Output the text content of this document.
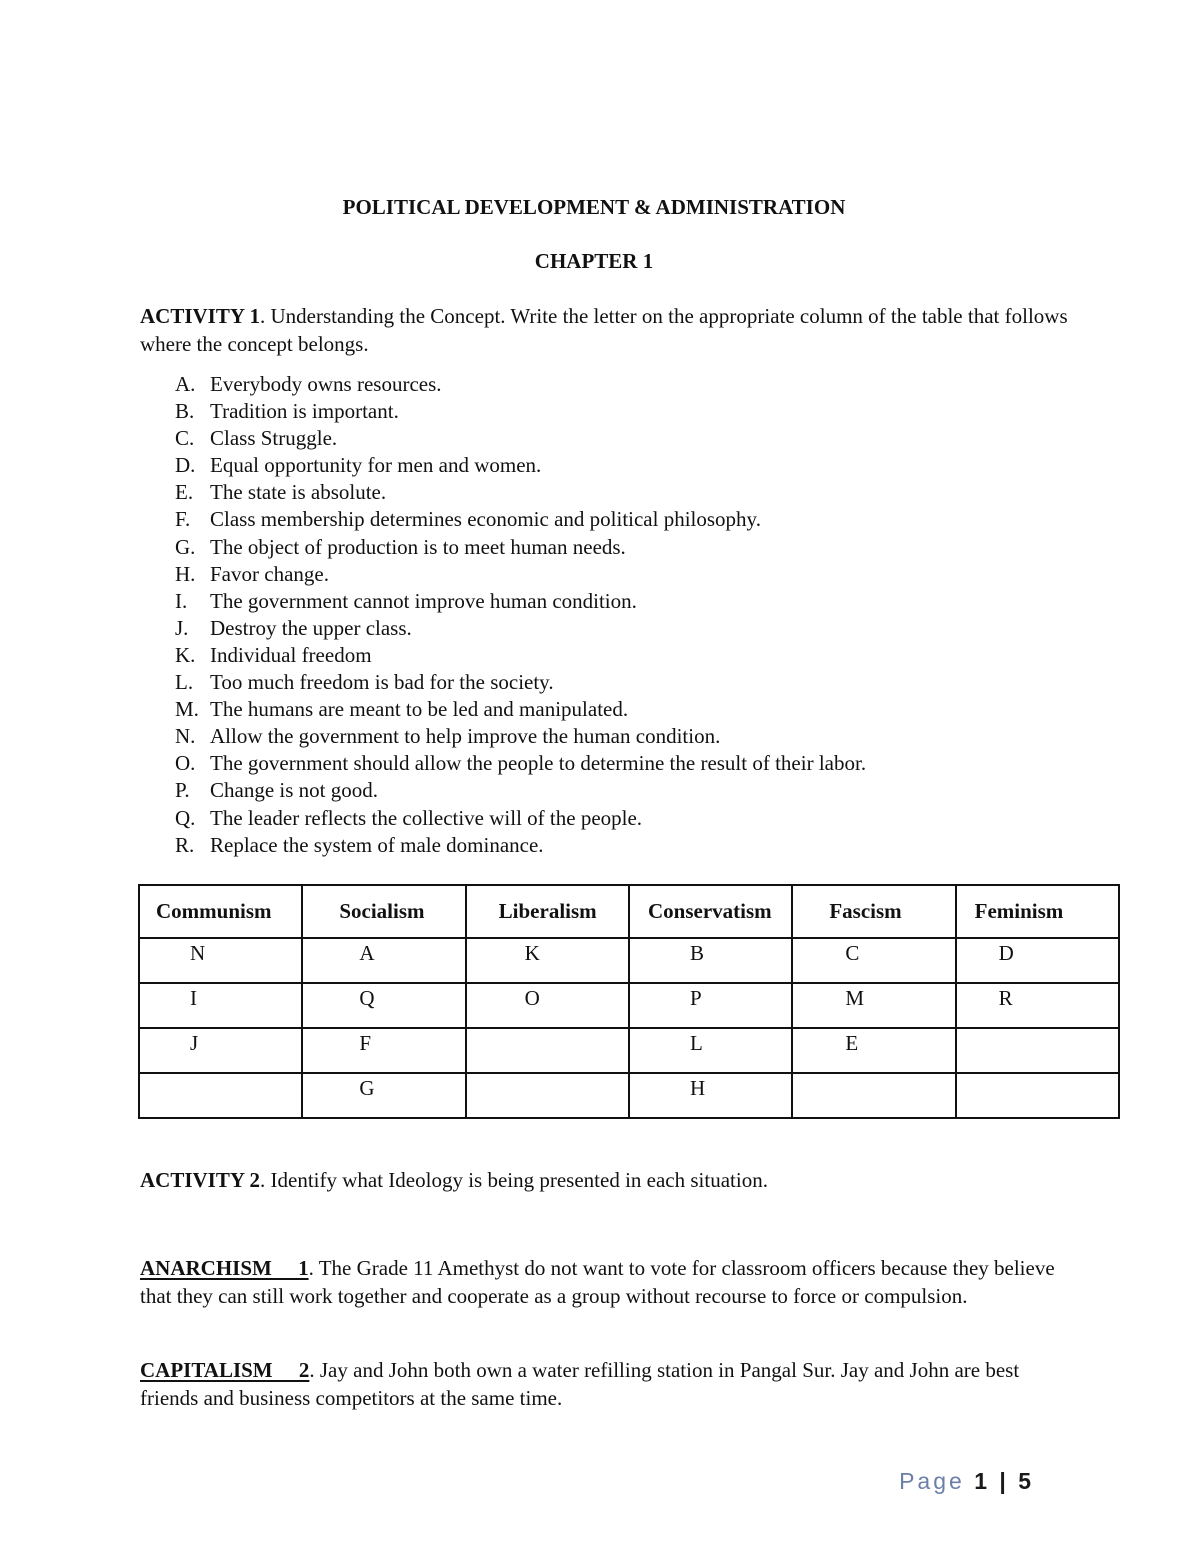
POLITICAL DEVELOPMENT & ADMINISTRATION
CHAPTER 1
ACTIVITY 1. Understanding the Concept. Write the letter on the appropriate column of the table that follows where the concept belongs.
A. Everybody owns resources.
B. Tradition is important.
C. Class Struggle.
D. Equal opportunity for men and women.
E. The state is absolute.
F. Class membership determines economic and political philosophy.
G. The object of production is to meet human needs.
H. Favor change.
I.	The government cannot improve human condition.
J.	Destroy the upper class.
K. Individual freedom
L. Too much freedom is bad for the society.
M. The humans are meant to be led and manipulated.
N. Allow the government to help improve the human condition.
O. The government should allow the people to determine the result of their labor.
P. Change is not good.
Q. The leader reflects the collective will of the people.
R. Replace the system of male dominance.
Communism	Socialism	Liberalism	Conservatism	Fascism	Feminism
N	A	K	B	C	D
I	Q	O	P	M	R
J	F		L	E	
	G		H		
ACTIVITY 2. Identify what Ideology is being presented in each situation.
ANARCHISM     1. The Grade 11 Amethyst do not want to vote for classroom officers because they believe that they can still work together and cooperate as a group without recourse to force or compulsion.
CAPITALISM     2. Jay and John both own a water refilling station in Pangal Sur. Jay and John are best friends and business competitors at the same time.
Page 1 | 5
